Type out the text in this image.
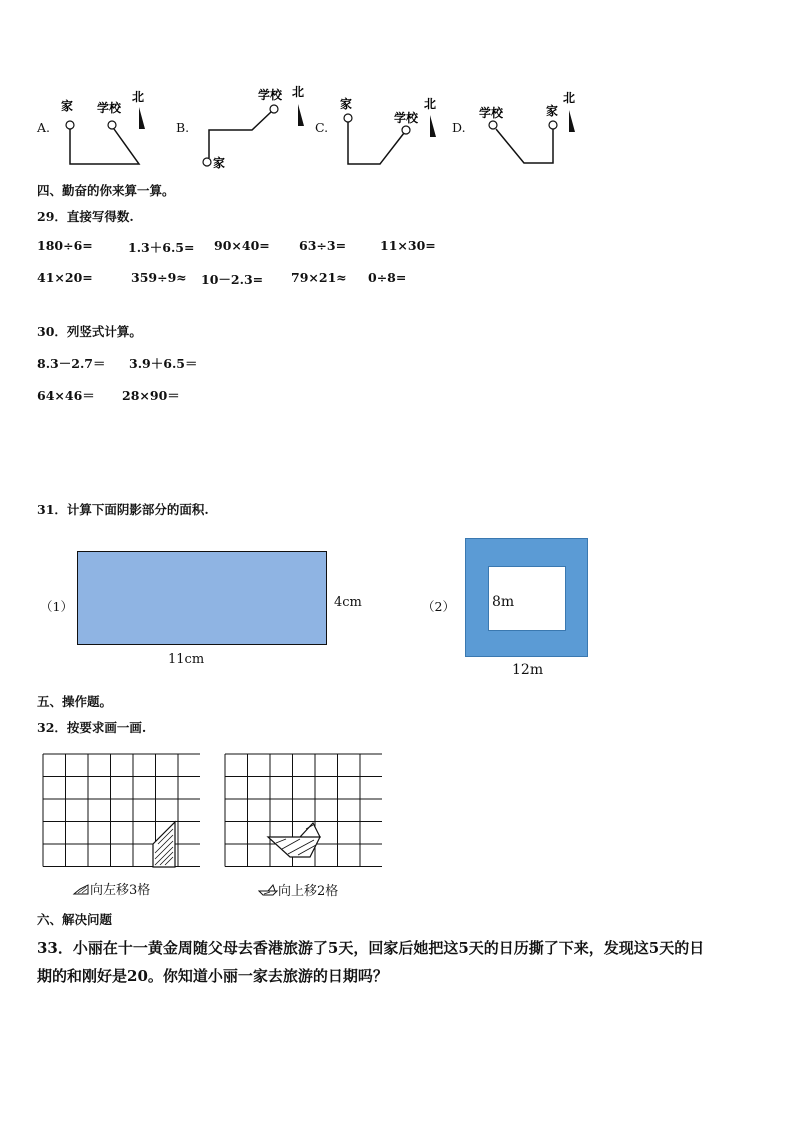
A.
家 学校
北
B.
学校 北
家
C.
家
学校
北
D.
学校	家
北
四、勤奋的你来算一算。
29．直接写得数.
180÷6=	1.3＋6.5= 90×40= 63÷3=	11×30=
41×20=	359÷9≈ 10－2.3= 79×21≈ 0÷8=
30．列竖式计算。
8.3－2.7＝ 3.9＋6.5＝
64×46＝ 28×90＝
31．计算下面阴影部分的面积.
（1）	4cm
11cm
（2）	8m
12m
五、操作题。
32．按要求画一画.
向左移3格	向上移2格
六、解决问题
33．小丽在十一黄金周随父母去香港旅游了5天，回家后她把这5天的日历撕了下来，发现这5天的日
期的和刚好是20。你知道小丽一家去旅游的日期吗？
